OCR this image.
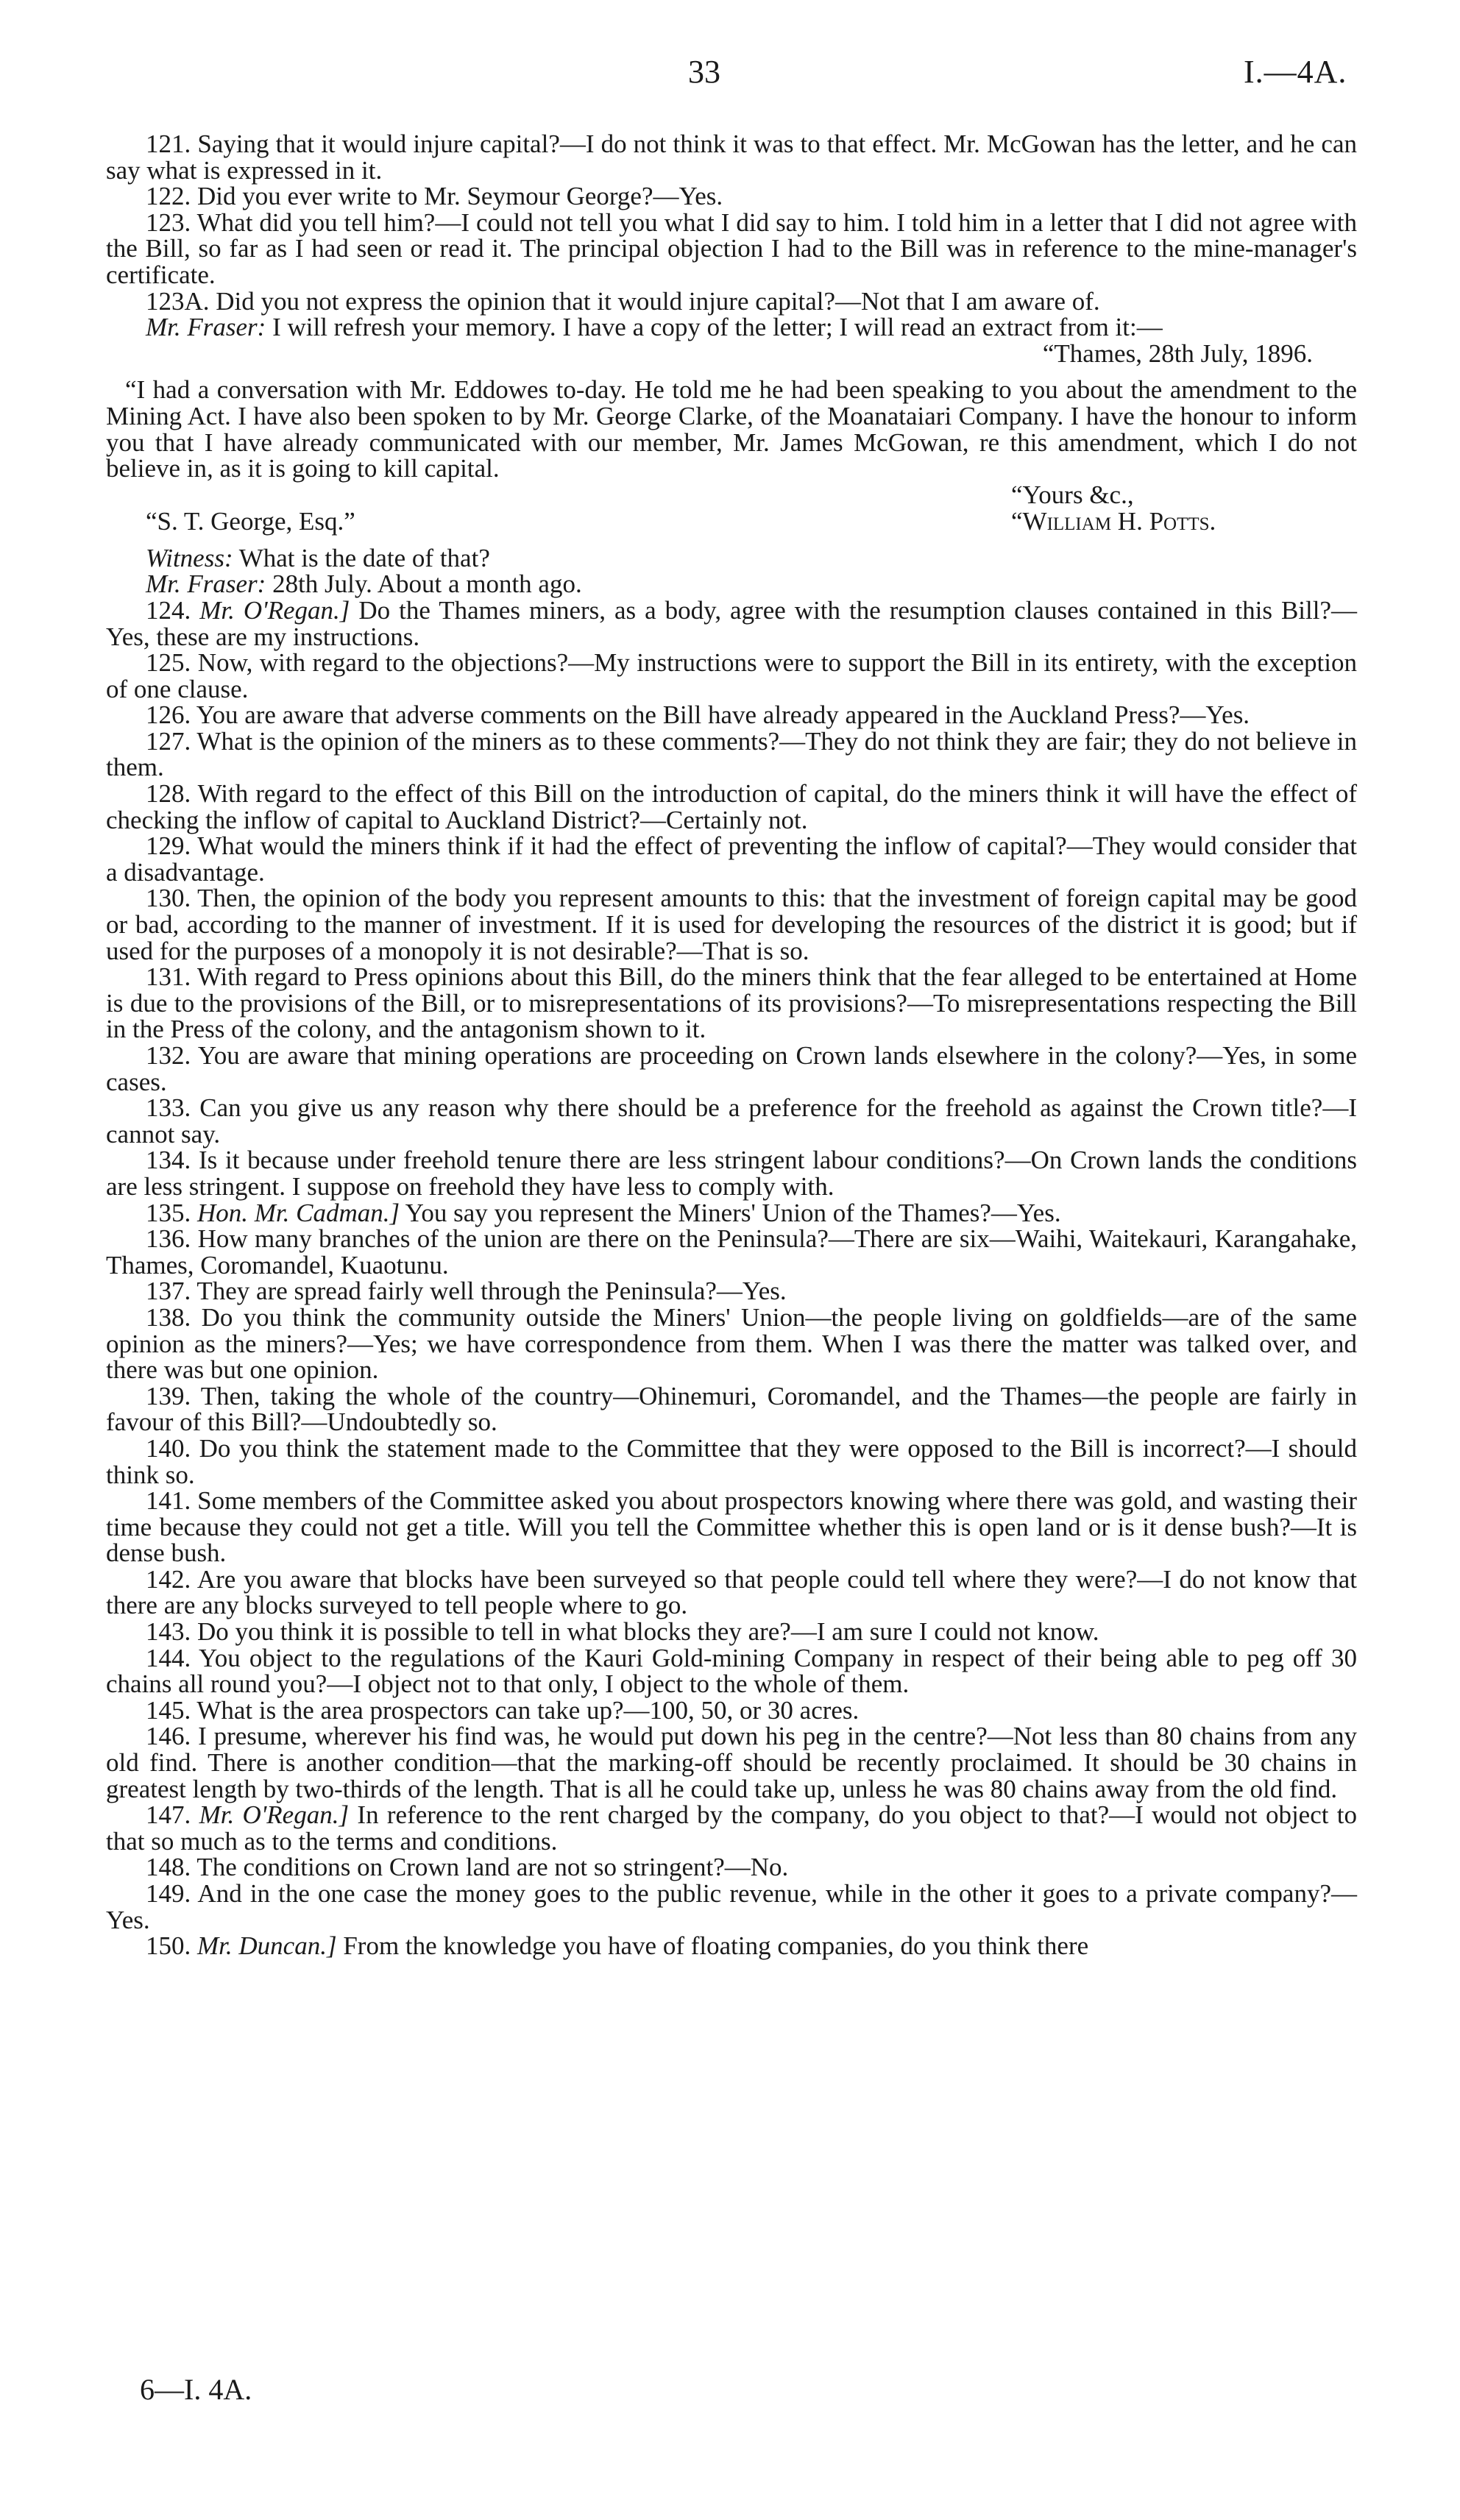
33	I.—4A.

121. Saying that it would injure capital?—I do not think it was to that effect. Mr. McGowan has the letter, and he can say what is expressed in it.

122. Did you ever write to Mr. Seymour George?—Yes.

123. What did you tell him?—I could not tell you what I did say to him. I told him in a letter that I did not agree with the Bill, so far as I had seen or read it. The principal objection I had to the Bill was in reference to the mine-manager's certificate.

123A. Did you not express the opinion that it would injure capital?—Not that I am aware of.

Mr. Fraser: I will refresh your memory. I have a copy of the letter; I will read an extract from it:—

“Thames, 28th July, 1896.

“I had a conversation with Mr. Eddowes to-day. He told me he had been speaking to you about the amendment to the Mining Act. I have also been spoken to by Mr. George Clarke, of the Moanataiari Company. I have the honour to inform you that I have already communicated with our member, Mr. James McGowan, re this amendment, which I do not believe in, as it is going to kill capital.

“Yours &c.,
“S. T. George, Esq.”	“William H. Potts.

Witness: What is the date of that?

Mr. Fraser: 28th July. About a month ago.

124. Mr. O'Regan.] Do the Thames miners, as a body, agree with the resumption clauses contained in this Bill?—Yes, these are my instructions.

125. Now, with regard to the objections?—My instructions were to support the Bill in its entirety, with the exception of one clause.

126. You are aware that adverse comments on the Bill have already appeared in the Auckland Press?—Yes.

127. What is the opinion of the miners as to these comments?—They do not think they are fair; they do not believe in them.

128. With regard to the effect of this Bill on the introduction of capital, do the miners think it will have the effect of checking the inflow of capital to Auckland District?—Certainly not.

129. What would the miners think if it had the effect of preventing the inflow of capital?—They would consider that a disadvantage.

130. Then, the opinion of the body you represent amounts to this: that the investment of foreign capital may be good or bad, according to the manner of investment. If it is used for developing the resources of the district it is good; but if used for the purposes of a monopoly it is not desirable?—That is so.

131. With regard to Press opinions about this Bill, do the miners think that the fear alleged to be entertained at Home is due to the provisions of the Bill, or to misrepresentations of its provisions?—To misrepresentations respecting the Bill in the Press of the colony, and the antagonism shown to it.

132. You are aware that mining operations are proceeding on Crown lands elsewhere in the colony?—Yes, in some cases.

133. Can you give us any reason why there should be a preference for the freehold as against the Crown title?—I cannot say.

134. Is it because under freehold tenure there are less stringent labour conditions?—On Crown lands the conditions are less stringent. I suppose on freehold they have less to comply with.

135. Hon. Mr. Cadman.] You say you represent the Miners' Union of the Thames?—Yes.

136. How many branches of the union are there on the Peninsula?—There are six—Waihi, Waitekauri, Karangahake, Thames, Coromandel, Kuaotunu.

137. They are spread fairly well through the Peninsula?—Yes.

138. Do you think the community outside the Miners' Union—the people living on goldfields—are of the same opinion as the miners?—Yes; we have correspondence from them. When I was there the matter was talked over, and there was but one opinion.

139. Then, taking the whole of the country—Ohinemuri, Coromandel, and the Thames—the people are fairly in favour of this Bill?—Undoubtedly so.

140. Do you think the statement made to the Committee that they were opposed to the Bill is incorrect?—I should think so.

141. Some members of the Committee asked you about prospectors knowing where there was gold, and wasting their time because they could not get a title. Will you tell the Committee whether this is open land or is it dense bush?—It is dense bush.

142. Are you aware that blocks have been surveyed so that people could tell where they were?—I do not know that there are any blocks surveyed to tell people where to go.

143. Do you think it is possible to tell in what blocks they are?—I am sure I could not know.

144. You object to the regulations of the Kauri Gold-mining Company in respect of their being able to peg off 30 chains all round you?—I object not to that only, I object to the whole of them.

145. What is the area prospectors can take up?—100, 50, or 30 acres.

146. I presume, wherever his find was, he would put down his peg in the centre?—Not less than 80 chains from any old find. There is another condition—that the marking-off should be recently proclaimed. It should be 30 chains in greatest length by two-thirds of the length. That is all he could take up, unless he was 80 chains away from the old find.

147. Mr. O'Regan.] In reference to the rent charged by the company, do you object to that?—I would not object to that so much as to the terms and conditions.

148. The conditions on Crown land are not so stringent?—No.

149. And in the one case the money goes to the public revenue, while in the other it goes to a private company?—Yes.

150. Mr. Duncan.] From the knowledge you have of floating companies, do you think there

6—I. 4A.
